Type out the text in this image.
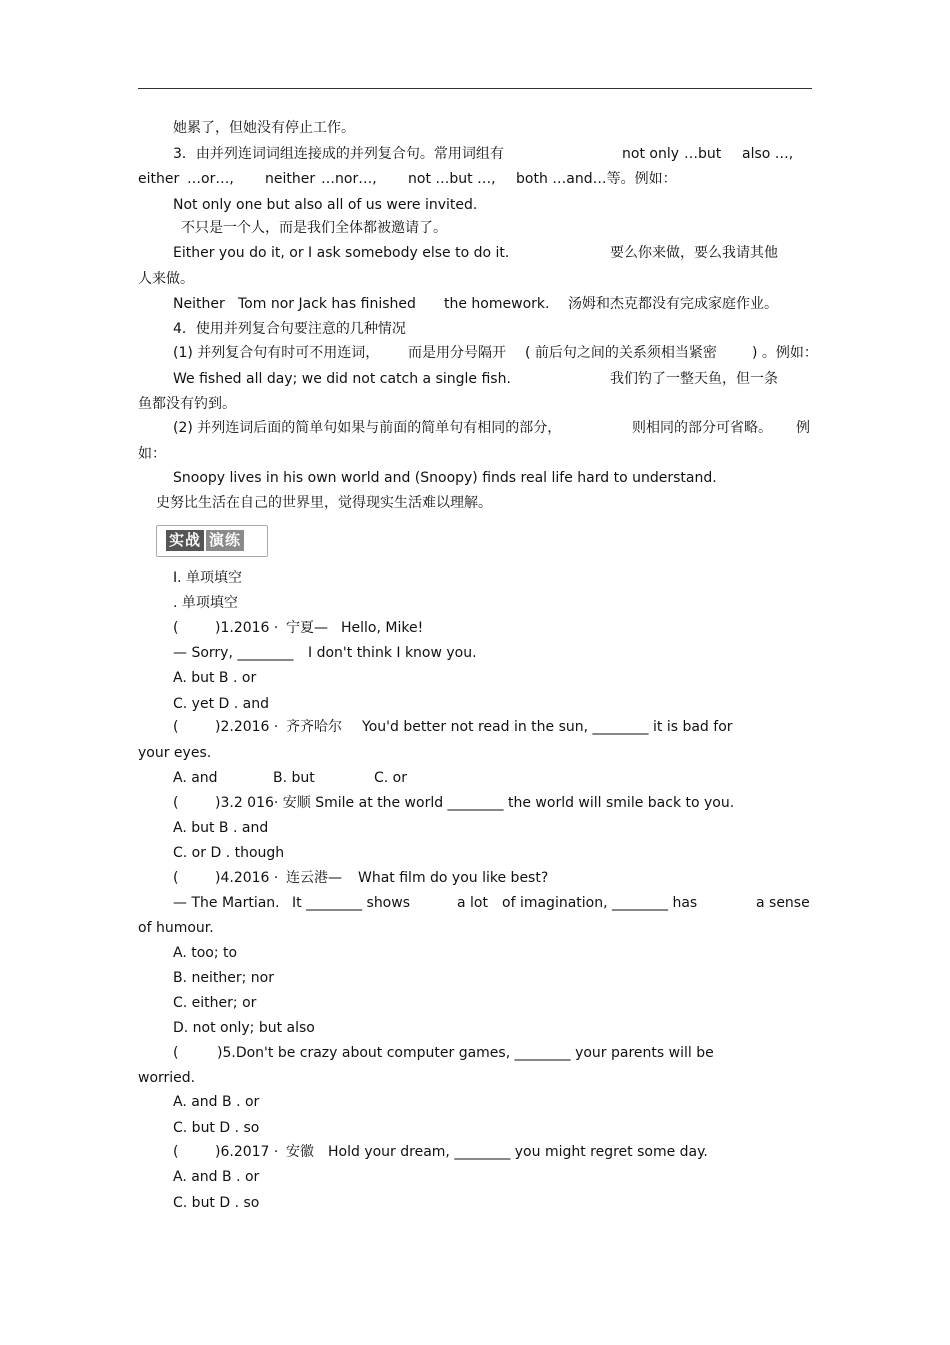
实战 演练
她累了，但她没有停止工作。
3．由并列连词词组连接成的并列复合句。常用词组有	not only …but also …,
either …or…, neither …nor…, not …but …, both …and…等。例如：
Not only one but also all of us were invited.
不只是一个人，而是我们全体都被邀请了。
Either you do it, or I ask somebody else to do it.	要么你来做，要么我请其他
人来做。
Neither Tom nor Jack has finished the homework. 汤姆和杰克都没有完成家庭作业。
4．使用并列复合句要注意的几种情况
(1) 并列复合句有时可不用连词， 而是用分号隔开 ( 前后句之间的关系须相当紧密	) 。例如：
We fished all day; we did not catch a single fish.	我们钓了一整天鱼，但一条
鱼都没有钓到。
(2) 并列连词后面的简单句如果与前面的简单句有相同的部分，	则相同的部分可省略。 例
如：
Snoopy lives in his own world and (Snoopy) finds real life hard to understand.
史努比生活在自己的世界里，觉得现实生活难以理解。
Ⅰ. 单项填空
. 单项填空
(	)1.2016 · 宁夏— Hello, Mike!
— Sorry, ________ I don't think I know you.
A. but B . or
C. yet D . and
(	)2.2016 · 齐齐哈尔 You'd better not read in the sun, ________ it is bad for
your eyes.
A. and	B. but	C. or
(	)3.2 016· 安顺 Smile at the world ________ the world will smile back to you.
A. but B . and
C. or D . though
(	)4.2016 · 连云港— What film do you like best?
— The Martian. It ________ shows	a lot of imagination, ________ has	a sense
of humour.
A. too; to
B. neither; nor
C. either; or
D. not only; but also
(	)5.Don't be crazy about computer games, ________ your parents will be
worried.
A. and B . or
C. but D . so
(	)6.2017 · 安徽 Hold your dream, ________ you might regret some day.
A. and B . or
C. but D . so
